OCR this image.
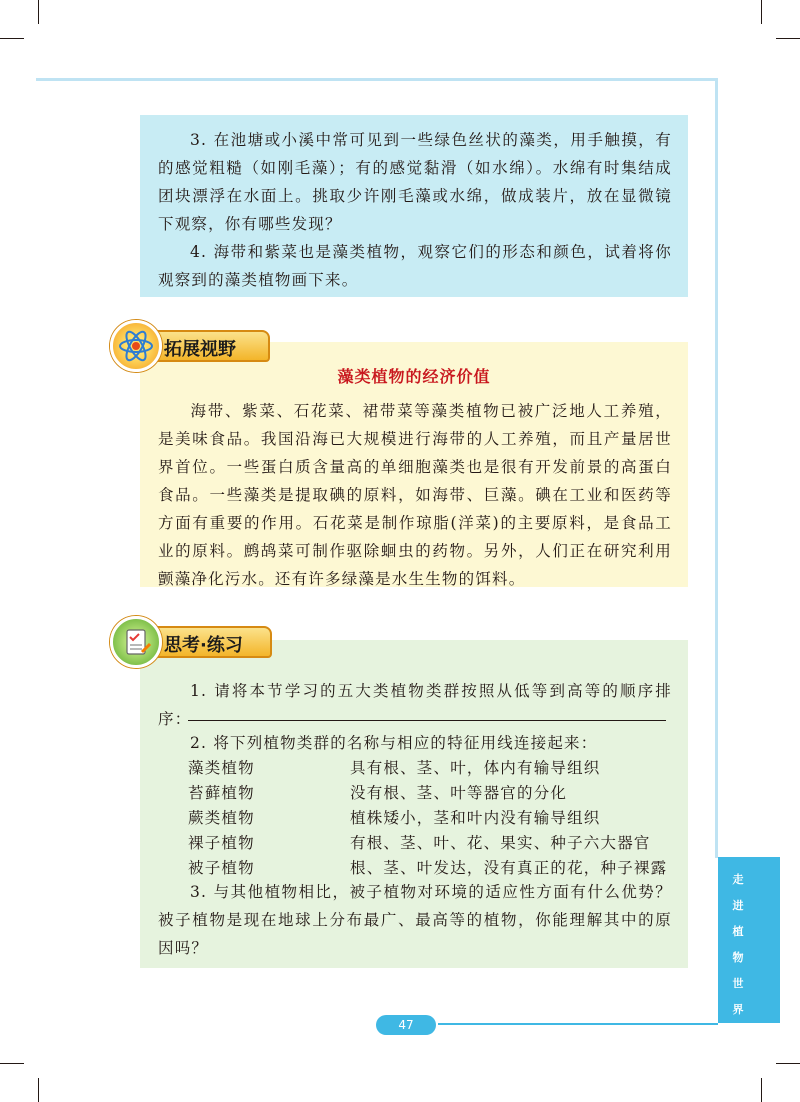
3. 在池塘或小溪中常可见到一些绿色丝状的藻类，用手触摸，有的感觉粗糙（如刚毛藻）；有的感觉黏滑（如水绵）。水绵有时集结成团块漂浮在水面上。挑取少许刚毛藻或水绵，做成装片，放在显微镜下观察，你有哪些发现？

4. 海带和紫菜也是藻类植物，观察它们的形态和颜色，试着将你观察到的藻类植物画下来。

拓展视野

藻类植物的经济价值

海带、紫菜、石花菜、裙带菜等藻类植物已被广泛地人工养殖，是美味食品。我国沿海已大规模进行海带的人工养殖，而且产量居世界首位。一些蛋白质含量高的单细胞藻类也是很有开发前景的高蛋白食品。一些藻类是提取碘的原料，如海带、巨藻。碘在工业和医药等方面有重要的作用。石花菜是制作琼脂(洋菜)的主要原料，是食品工业的原料。鹧鸪菜可制作驱除蛔虫的药物。另外，人们正在研究利用颤藻净化污水。还有许多绿藻是水生生物的饵料。

思考·练习

1. 请将本节学习的五大类植物类群按照从低等到高等的顺序排序：

2. 将下列植物类群的名称与相应的特征用线连接起来：

藻类植物	具有根、茎、叶，体内有输导组织
苔藓植物	没有根、茎、叶等器官的分化
蕨类植物	植株矮小，茎和叶内没有输导组织
裸子植物	有根、茎、叶、花、果实、种子六大器官
被子植物	根、茎、叶发达，没有真正的花，种子裸露

3. 与其他植物相比，被子植物对环境的适应性方面有什么优势？被子植物是现在地球上分布最广、最高等的植物，你能理解其中的原因吗？

走
进
植
物
世
界
47
